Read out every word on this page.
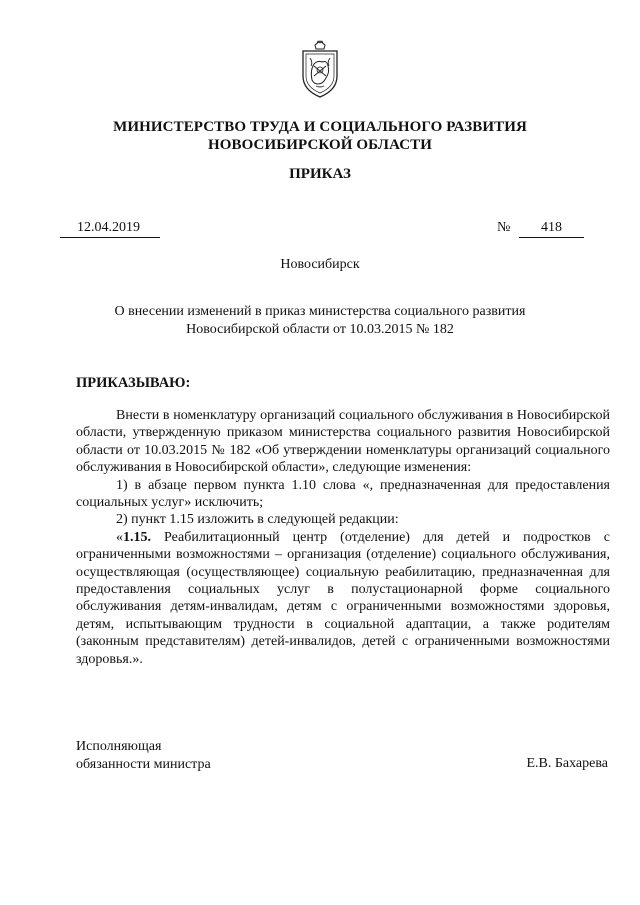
МИНИСТЕРСТВО ТРУДА И СОЦИАЛЬНОГО РАЗВИТИЯ
НОВОСИБИРСКОЙ ОБЛАСТИ
ПРИКАЗ
12.04.2019	№	418
Новосибирск
О внесении изменений в приказ министерства социального развития Новосибирской области от 10.03.2015 № 182
ПРИКАЗЫВАЮ:

Внести в номенклатуру организаций социального обслуживания в Новосибирской области, утвержденную приказом министерства социального развития Новосибирской области от 10.03.2015 № 182 «Об утверждении номенклатуры организаций социального обслуживания в Новосибирской области», следующие изменения:

1) в абзаце первом пункта 1.10 слова «, предназначенная для предоставления социальных услуг» исключить;

2) пункт 1.15 изложить в следующей редакции:

«1.15. Реабилитационный центр (отделение) для детей и подростков с ограниченными возможностями – организация (отделение) социального обслуживания, осуществляющая (осуществляющее) социальную реабилитацию, предназначенная для предоставления социальных услуг в полустационарной форме социального обслуживания детям-инвалидам, детям с ограниченными возможностями здоровья, детям, испытывающим трудности в социальной адаптации, а также родителям (законным представителям) детей-инвалидов, детей с ограниченными возможностями здоровья.».

Исполняющая
обязанности министра	Е.В. Бахарева
